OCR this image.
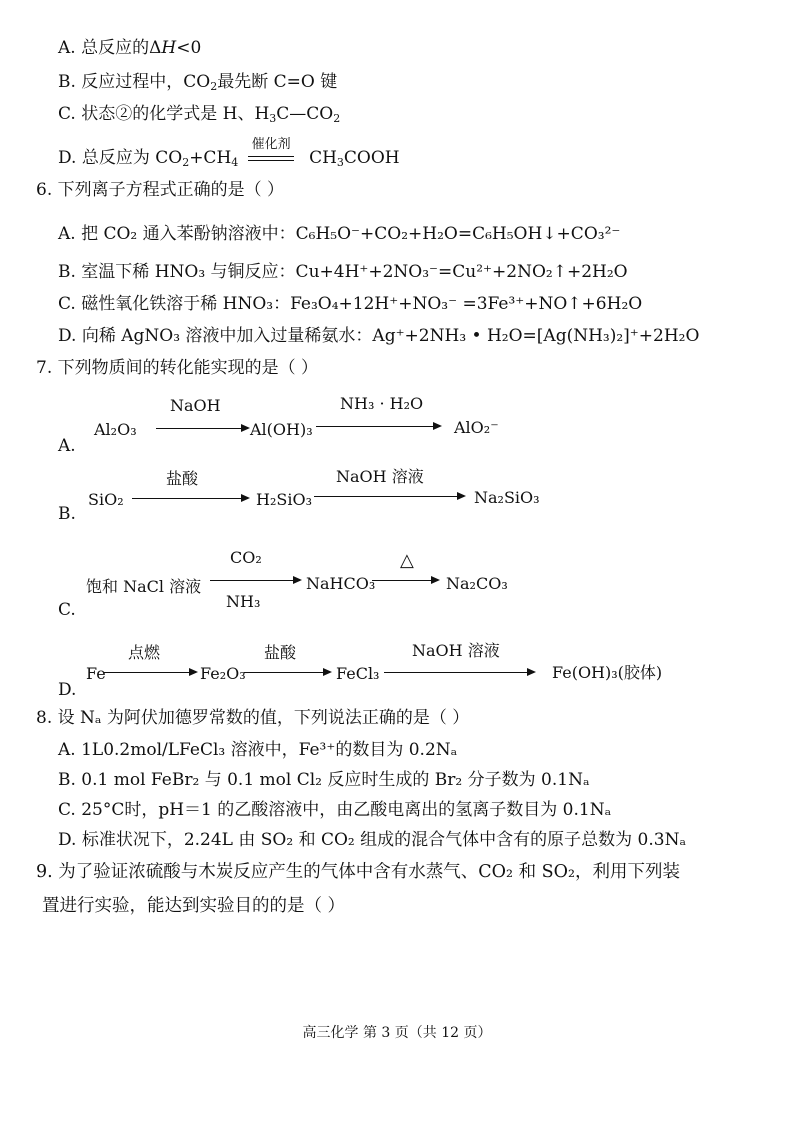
A. 总反应的ΔH<0
B. 反应过程中，$CO_2$最先断 C=O 键
C. 状态②的化学式是 H、$H_3C—CO_2$
D. 总反应为 $CO_2+CH_4$
催化剂
$CH_3COOH$
6. 下列离子方程式正确的是（ ）
A. 把 CO₂ 通入苯酚钠溶液中：C₆H₅O⁻+CO₂+H₂O=C₆H₅OH↓+CO₃²⁻
B. 室温下稀 HNO₃ 与铜反应：Cu+4H⁺+2NO₃⁻=Cu²⁺+2NO₂↑+2H₂O
C. 磁性氧化铁溶于稀 HNO₃：Fe₃O₄+12H⁺+NO₃⁻ =3Fe³⁺+NO↑+6H₂O
D. 向稀 AgNO₃ 溶液中加入过量稀氨水：Ag⁺+2NH₃ • H₂O=[Ag(NH₃)₂]⁺+2H₂O
7. 下列物质间的转化能实现的是（ ）
A.
Al₂O₃
NaOH
Al(OH)₃
NH₃ · H₂O
AlO₂⁻
B.
SiO₂
盐酸
H₂SiO₃
NaOH 溶液
Na₂SiO₃
C.
饱和 NaCl 溶液
CO₂
NH₃
NaHCO₃
△
Na₂CO₃
D.
Fe
点燃
Fe₂O₃
盐酸
FeCl₃
NaOH 溶液
Fe(OH)₃(胶体)
8. 设 Nₐ 为阿伏加德罗常数的值，下列说法正确的是（ ）
A. 1L0.2mol/LFeCl₃ 溶液中，Fe³⁺的数目为 0.2Nₐ
B. 0.1 mol FeBr₂ 与 0.1 mol Cl₂ 反应时生成的 Br₂ 分子数为 0.1Nₐ
C. 25°C时，pH＝1 的乙酸溶液中，由乙酸电离出的氢离子数目为 0.1Nₐ
D. 标准状况下，2.24L 由 SO₂ 和 CO₂ 组成的混合气体中含有的原子总数为 0.3Nₐ
9. 为了验证浓硫酸与木炭反应产生的气体中含有水蒸气、CO₂ 和 SO₂，利用下列装
置进行实验，能达到实验目的的是（ ）
高三化学 第 3 页（共 12 页）
